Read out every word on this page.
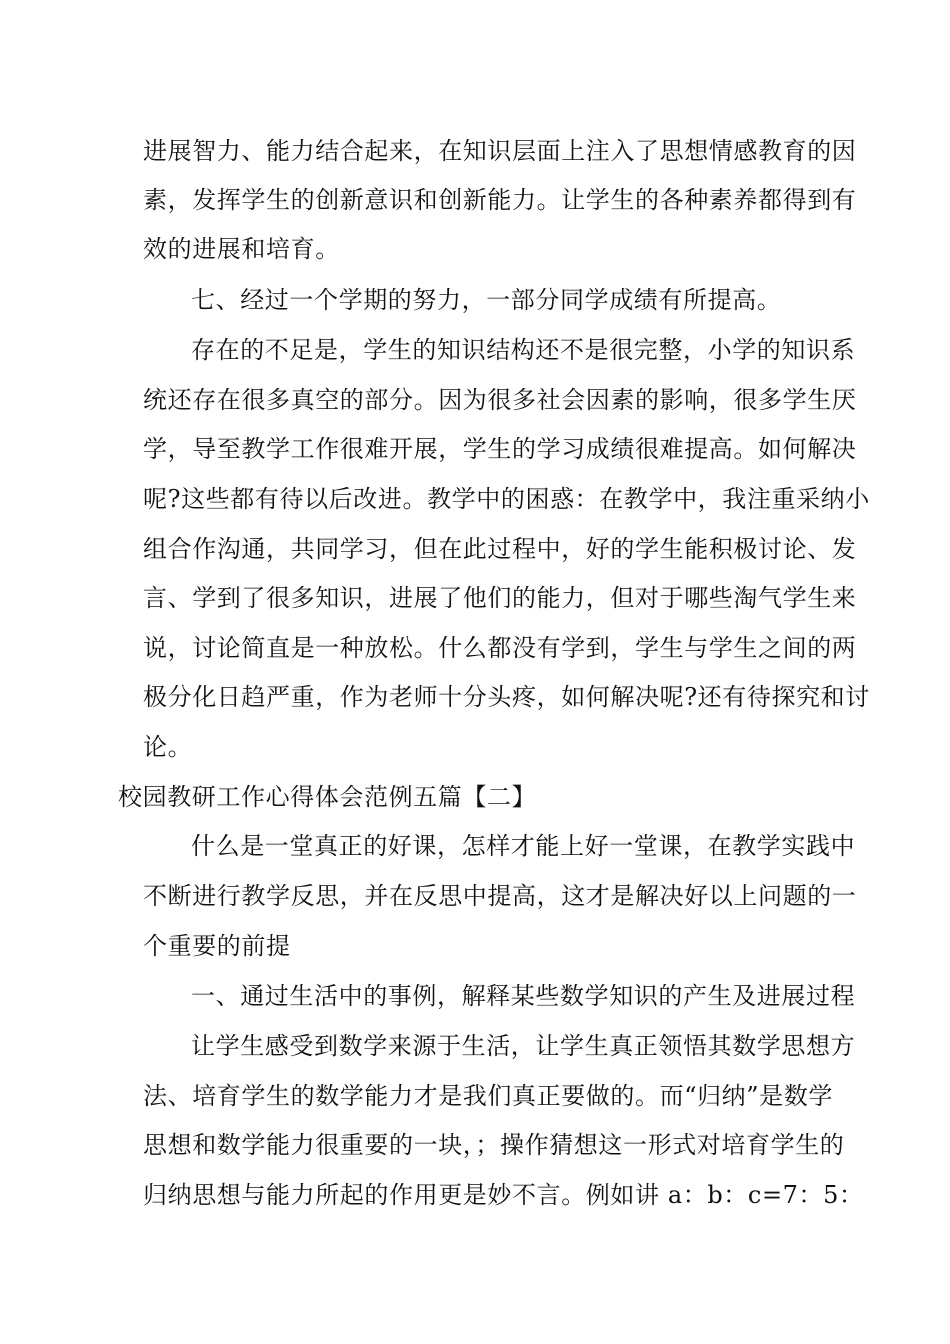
进展智力、能力结合起来，在知识层面上注入了思想情感教育的因
素，发挥学生的创新意识和创新能力。让学生的各种素养都得到有
效的进展和培育。
七、经过一个学期的努力，一部分同学成绩有所提高。
存在的不足是，学生的知识结构还不是很完整，小学的知识系
统还存在很多真空的部分。因为很多社会因素的影响，很多学生厌
学，导至教学工作很难开展，学生的学习成绩很难提高。如何解决
呢?这些都有待以后改进。教学中的困惑：在教学中，我注重采纳小
组合作沟通，共同学习，但在此过程中，好的学生能积极讨论、发
言、学到了很多知识，进展了他们的能力，但对于哪些淘气学生来
说，讨论简直是一种放松。什么都没有学到，学生与学生之间的两
极分化日趋严重，作为老师十分头疼，如何解决呢?还有待探究和讨
论。
校园教研工作心得体会范例五篇【二】
什么是一堂真正的好课，怎样才能上好一堂课，在教学实践中
不断进行教学反思，并在反思中提高，这才是解决好以上问题的一
个重要的前提
一、通过生活中的事例，解释某些数学知识的产生及进展过程
让学生感受到数学来源于生活，让学生真正领悟其数学思想方
法、培育学生的数学能力才是我们真正要做的。而“归纳”是数学
思想和数学能力很重要的一块，；操作猜想这一形式对培育学生的
归纳思想与能力所起的作用更是妙不言。例如讲 a：b：c=7：5：
